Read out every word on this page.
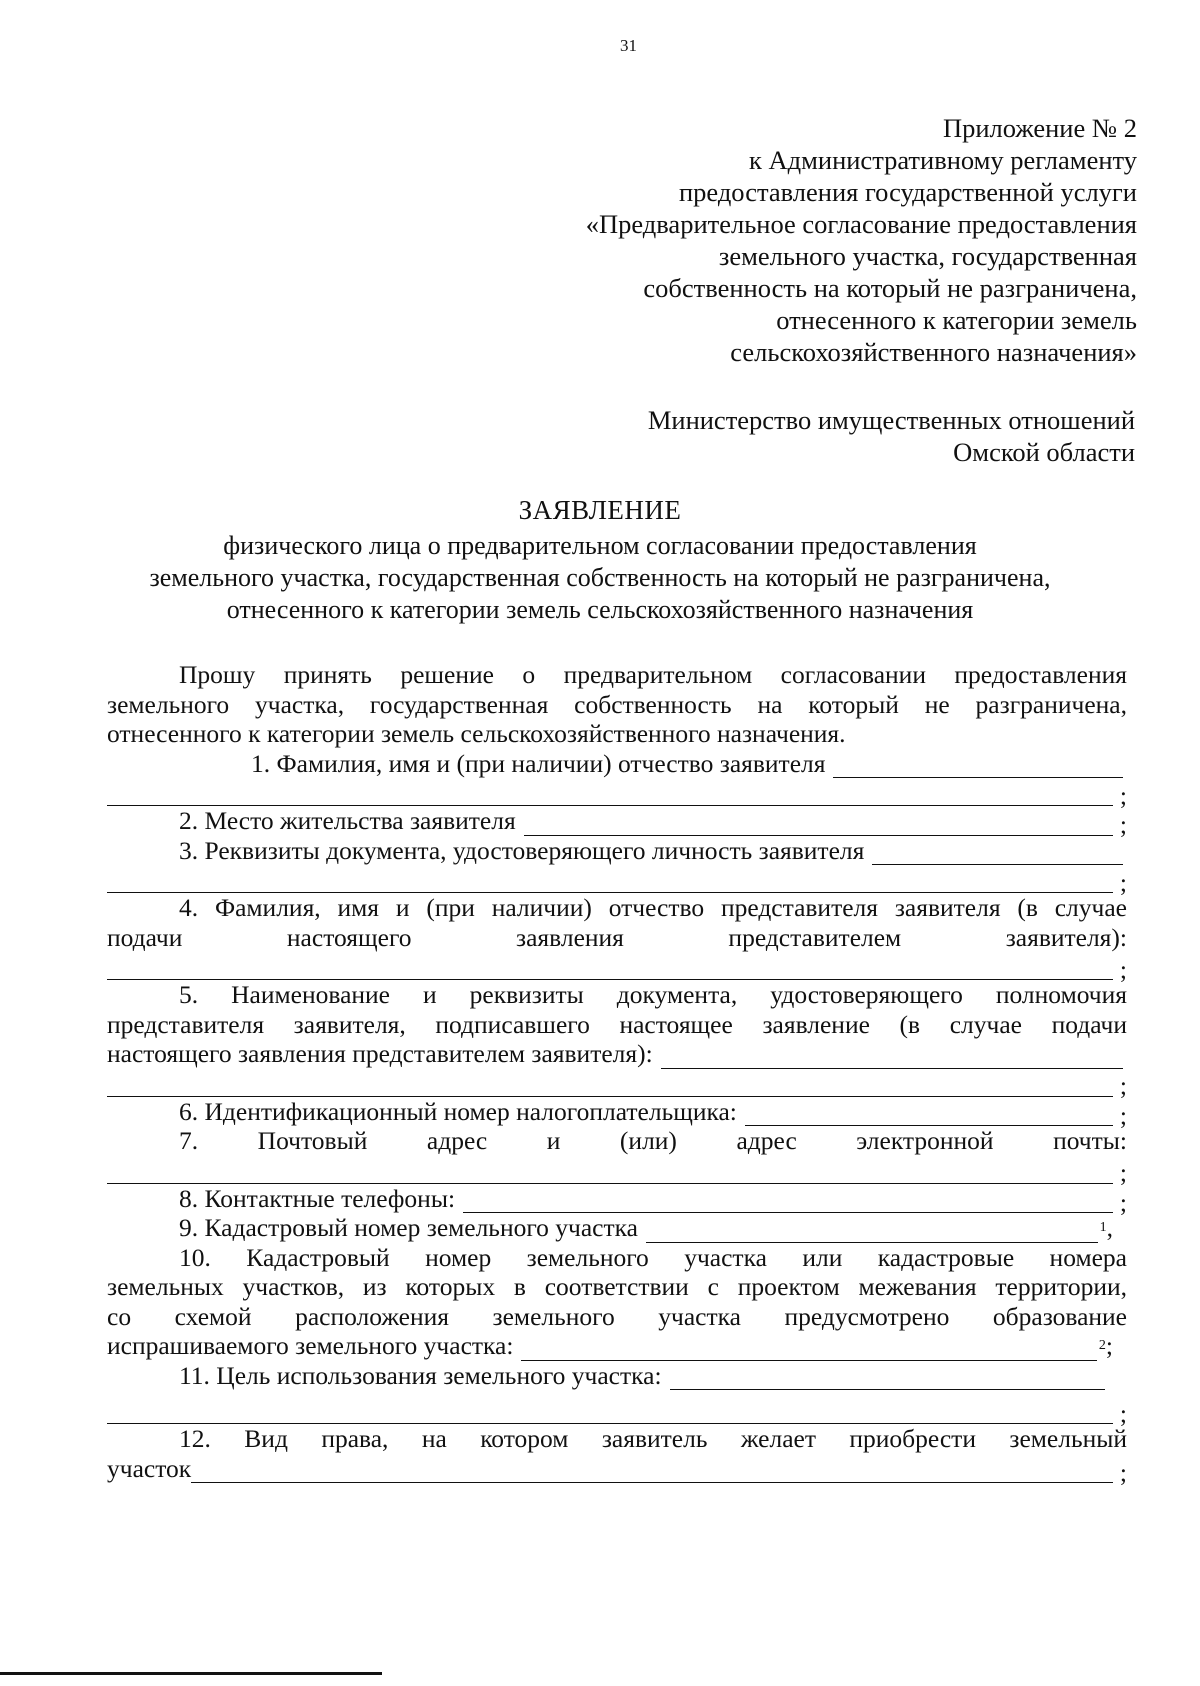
31
Приложение № 2
к Административному регламенту
предоставления государственной услуги
«Предварительное согласование предоставления
земельного участка, государственная
собственность на который не разграничена,
отнесенного к категории земель
сельскохозяйственного назначения»
Министерство имущественных отношений
Омской области
ЗАЯВЛЕНИЕ
физического лица о предварительном согласовании предоставления
земельного участка, государственная собственность на который не разграничена,
отнесенного к категории земель сельскохозяйственного назначения

Прошу принять решение о предварительном согласовании предоставления

земельного участка, государственная собственность на который не разграничена,

отнесенного к категории земель сельскохозяйственного назначения.

1. Фамилия, имя и (при наличии) отчество заявителя
;
2. Место жительства заявителя	;
3. Реквизиты документа, удостоверяющего личность заявителя
;

4. Фамилия, имя и (при наличии) отчество представителя заявителя (в случае

подачи настоящего заявления представителем заявителя):

;

5. Наименование и реквизиты документа, удостоверяющего полномочия

представителя заявителя, подписавшего настоящее заявление (в случае подачи

настоящего заявления представителем заявителя):
;
6. Идентификационный номер налогоплательщика:	;

7. Почтовый адрес и (или) адрес электронной почты:

;
8. Контактные телефоны:	;
9. Кадастровый номер земельного участка	1 ,

10. Кадастровый номер земельного участка или кадастровые номера

земельных участков, из которых в соответствии с проектом межевания территории,

со схемой расположения земельного участка предусмотрено образование

испрашиваемого земельного участка:	2 ;
11. Цель использования земельного участка:
;

12. Вид права, на котором заявитель желает приобрести земельный

участок	;
